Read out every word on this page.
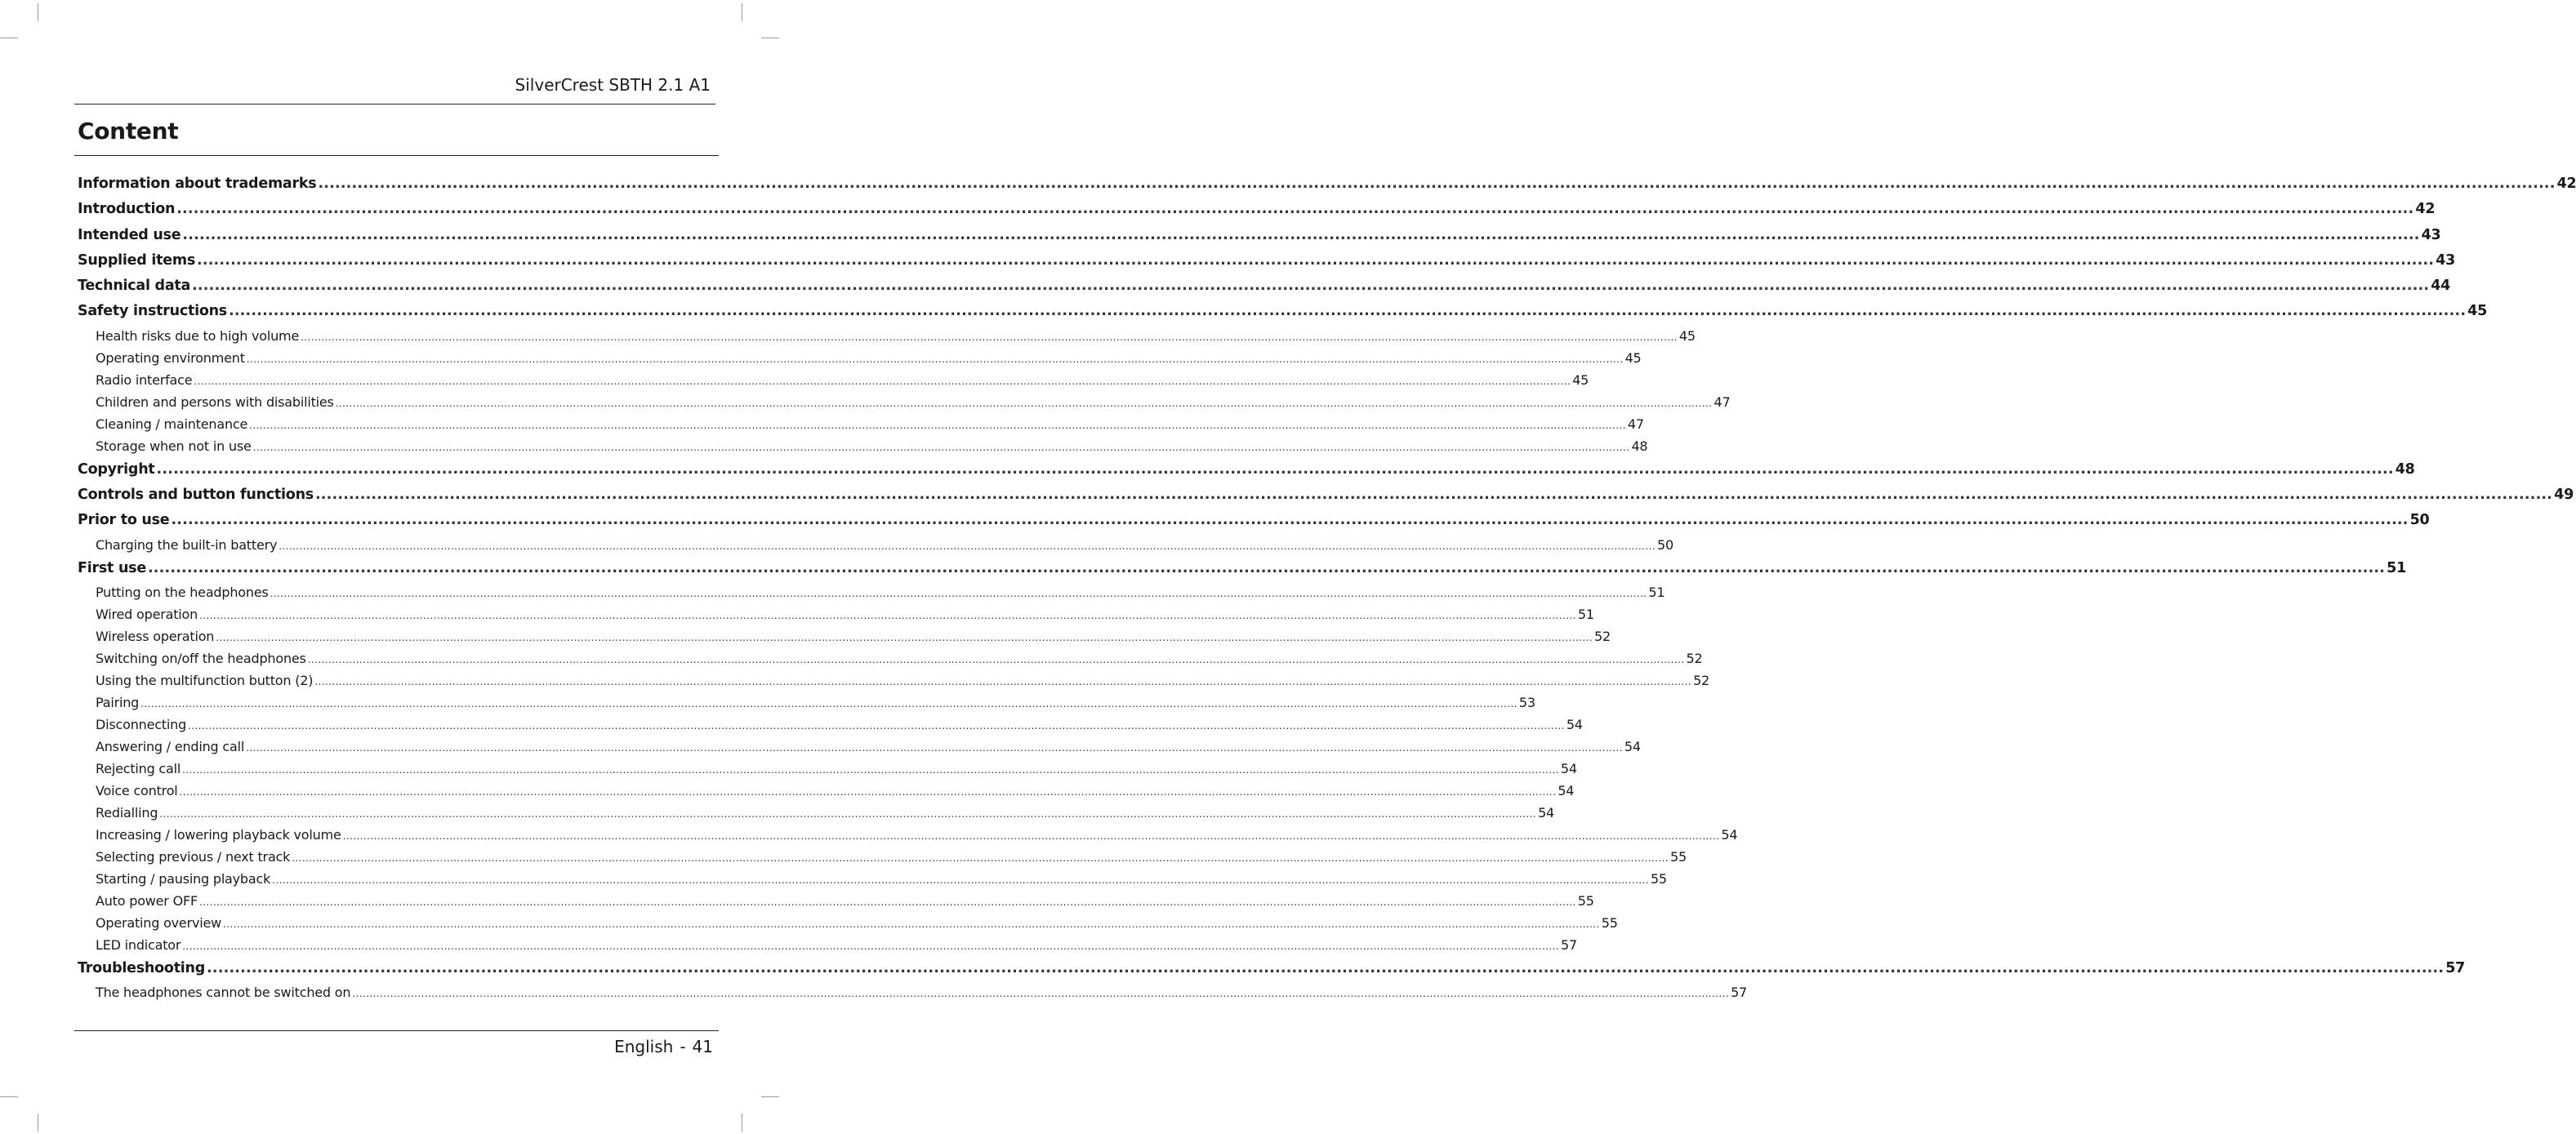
SilverCrest SBTH 2.1 A1
Content
Information about trademarks ................................................................................................................................................................................................................................................................................................................................................................................................................ 42
Introduction ................................................................................................................................................................................................................................................................................................................................................................................................................ 42
Intended use ................................................................................................................................................................................................................................................................................................................................................................................................................ 43
Supplied items ................................................................................................................................................................................................................................................................................................................................................................................................................ 43
Technical data ................................................................................................................................................................................................................................................................................................................................................................................................................ 44
Safety instructions ................................................................................................................................................................................................................................................................................................................................................................................................................ 45
Health risks due to high volume ................................................................................................................................................................................................................................................................................................................................................................................................................ 45
Operating environment ................................................................................................................................................................................................................................................................................................................................................................................................................ 45
Radio interface ................................................................................................................................................................................................................................................................................................................................................................................................................ 45
Children and persons with disabilities ................................................................................................................................................................................................................................................................................................................................................................................................................ 47
Cleaning / maintenance ................................................................................................................................................................................................................................................................................................................................................................................................................ 47
Storage when not in use ................................................................................................................................................................................................................................................................................................................................................................................................................ 48
Copyright ................................................................................................................................................................................................................................................................................................................................................................................................................ 48
Controls and button functions ................................................................................................................................................................................................................................................................................................................................................................................................................ 49
Prior to use ................................................................................................................................................................................................................................................................................................................................................................................................................ 50
Charging the built-in battery ................................................................................................................................................................................................................................................................................................................................................................................................................ 50
First use ................................................................................................................................................................................................................................................................................................................................................................................................................ 51
Putting on the headphones ................................................................................................................................................................................................................................................................................................................................................................................................................ 51
Wired operation ................................................................................................................................................................................................................................................................................................................................................................................................................ 51
Wireless operation ................................................................................................................................................................................................................................................................................................................................................................................................................ 52
Switching on/off the headphones ................................................................................................................................................................................................................................................................................................................................................................................................................ 52
Using the multifunction button (2) ................................................................................................................................................................................................................................................................................................................................................................................................................ 52
Pairing ................................................................................................................................................................................................................................................................................................................................................................................................................ 53
Disconnecting ................................................................................................................................................................................................................................................................................................................................................................................................................ 54
Answering / ending call ................................................................................................................................................................................................................................................................................................................................................................................................................ 54
Rejecting call ................................................................................................................................................................................................................................................................................................................................................................................................................ 54
Voice control ................................................................................................................................................................................................................................................................................................................................................................................................................ 54
Redialling ................................................................................................................................................................................................................................................................................................................................................................................................................ 54
Increasing / lowering playback volume ................................................................................................................................................................................................................................................................................................................................................................................................................ 54
Selecting previous / next track ................................................................................................................................................................................................................................................................................................................................................................................................................ 55
Starting / pausing playback ................................................................................................................................................................................................................................................................................................................................................................................................................ 55
Auto power OFF ................................................................................................................................................................................................................................................................................................................................................................................................................ 55
Operating overview ................................................................................................................................................................................................................................................................................................................................................................................................................ 55
LED indicator ................................................................................................................................................................................................................................................................................................................................................................................................................ 57
Troubleshooting ................................................................................................................................................................................................................................................................................................................................................................................................................ 57
The headphones cannot be switched on ................................................................................................................................................................................................................................................................................................................................................................................................................ 57
English - 41
